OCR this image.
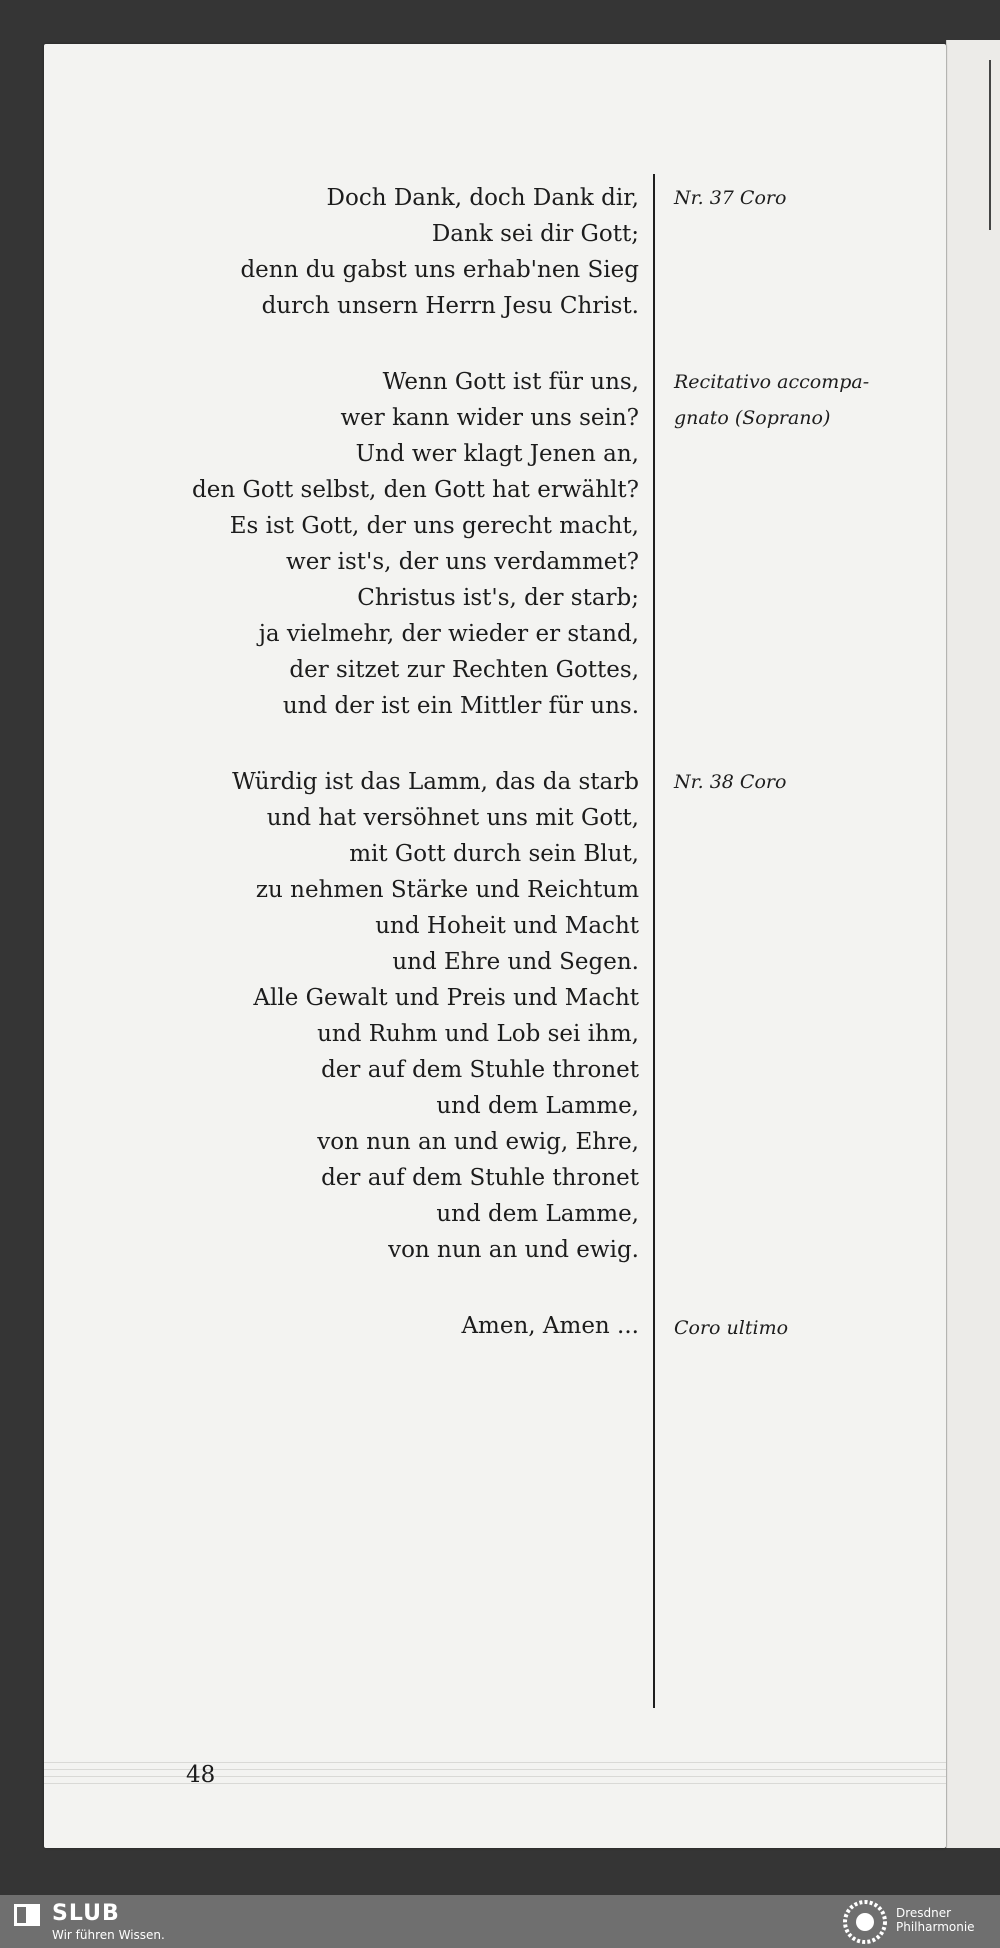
48
Doch Dank, doch Dank dir,
Dank sei dir Gott;
denn du gabst uns erhab'nen Sieg
durch unsern Herrn Jesu Christ.
Wenn Gott ist für uns,
wer kann wider uns sein?
Und wer klagt Jenen an,
den Gott selbst, den Gott hat erwählt?
Es ist Gott, der uns gerecht macht,
wer ist's, der uns verdammet?
Christus ist's, der starb;
ja vielmehr, der wieder er stand,
der sitzet zur Rechten Gottes,
und der ist ein Mittler für uns.
Würdig ist das Lamm, das da starb
und hat versöhnet uns mit Gott,
mit Gott durch sein Blut,
zu nehmen Stärke und Reichtum
und Hoheit und Macht
und Ehre und Segen.
Alle Gewalt und Preis und Macht
und Ruhm und Lob sei ihm,
der auf dem Stuhle thronet
und dem Lamme,
von nun an und ewig, Ehre,
der auf dem Stuhle thronet
und dem Lamme,
von nun an und ewig.
Amen, Amen ...
Nr. 37 Coro
Recitativo accompa-
gnato (Soprano)
Nr. 38 Coro
Coro ultimo
SLUB
Wir führen Wissen.
Dresdner
Philharmonie
